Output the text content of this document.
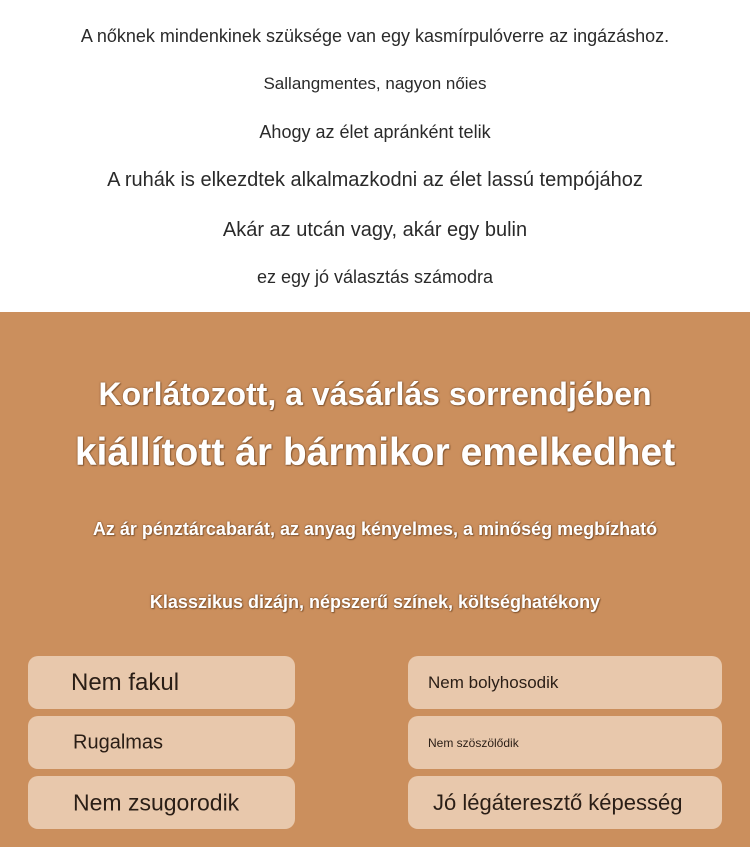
A nőknek mindenkinek szüksége van egy kasmírpulóverre az ingázáshoz.
Sallangmentes, nagyon nőies
Ahogy az élet apránként telik
A ruhák is elkezdtek alkalmazkodni az élet lassú tempójához
Akár az utcán vagy, akár egy bulin
ez egy jó választás számodra
Korlátozott, a vásárlás sorrendjében
kiállított ár bármikor emelkedhet
Az ár pénztárcabarát, az anyag kényelmes, a minőség megbízható
Klasszikus dizájn, népszerű színek, költséghatékony
Nem fakul
Rugalmas
Nem zsugorodik
Nem bolyhosodik
Nem szöszölődik
Jó légáteresztő képesség
